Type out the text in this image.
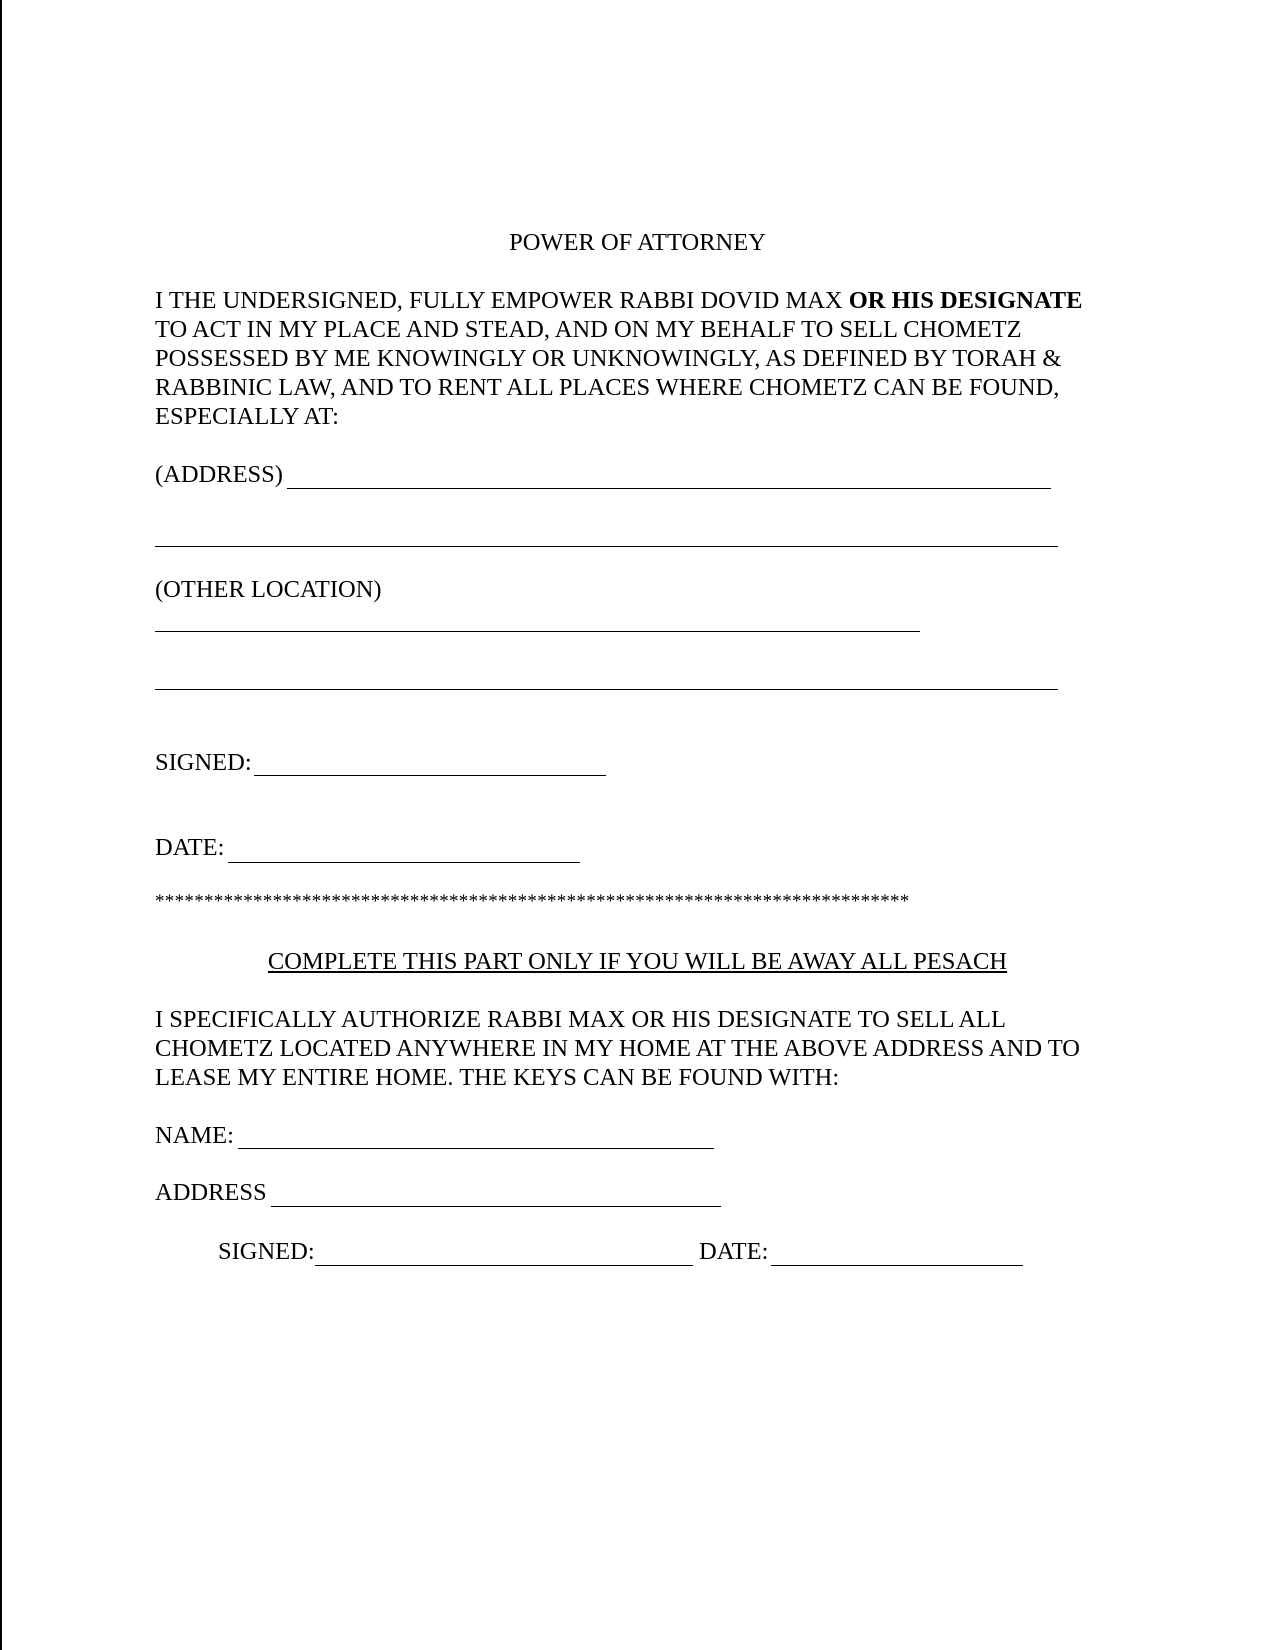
POWER OF ATTORNEY
I THE UNDERSIGNED, FULLY EMPOWER RABBI DOVID MAX OR HIS DESIGNATE
TO ACT IN MY PLACE AND STEAD, AND ON MY BEHALF TO SELL CHOMETZ
POSSESSED BY ME KNOWINGLY OR UNKNOWINGLY, AS DEFINED BY TORAH &
RABBINIC LAW, AND TO RENT ALL PLACES WHERE CHOMETZ CAN BE FOUND,
ESPECIALLY AT:
(ADDRESS)
(OTHER LOCATION)
SIGNED:
DATE:
*****************************************************************************
COMPLETE THIS PART ONLY IF YOU WILL BE AWAY ALL PESACH
I SPECIFICALLY AUTHORIZE RABBI MAX OR HIS DESIGNATE TO SELL ALL
CHOMETZ LOCATED ANYWHERE IN MY HOME AT THE ABOVE ADDRESS AND TO
LEASE MY ENTIRE HOME. THE KEYS CAN BE FOUND WITH:
NAME:
ADDRESS
SIGNED:	DATE:
